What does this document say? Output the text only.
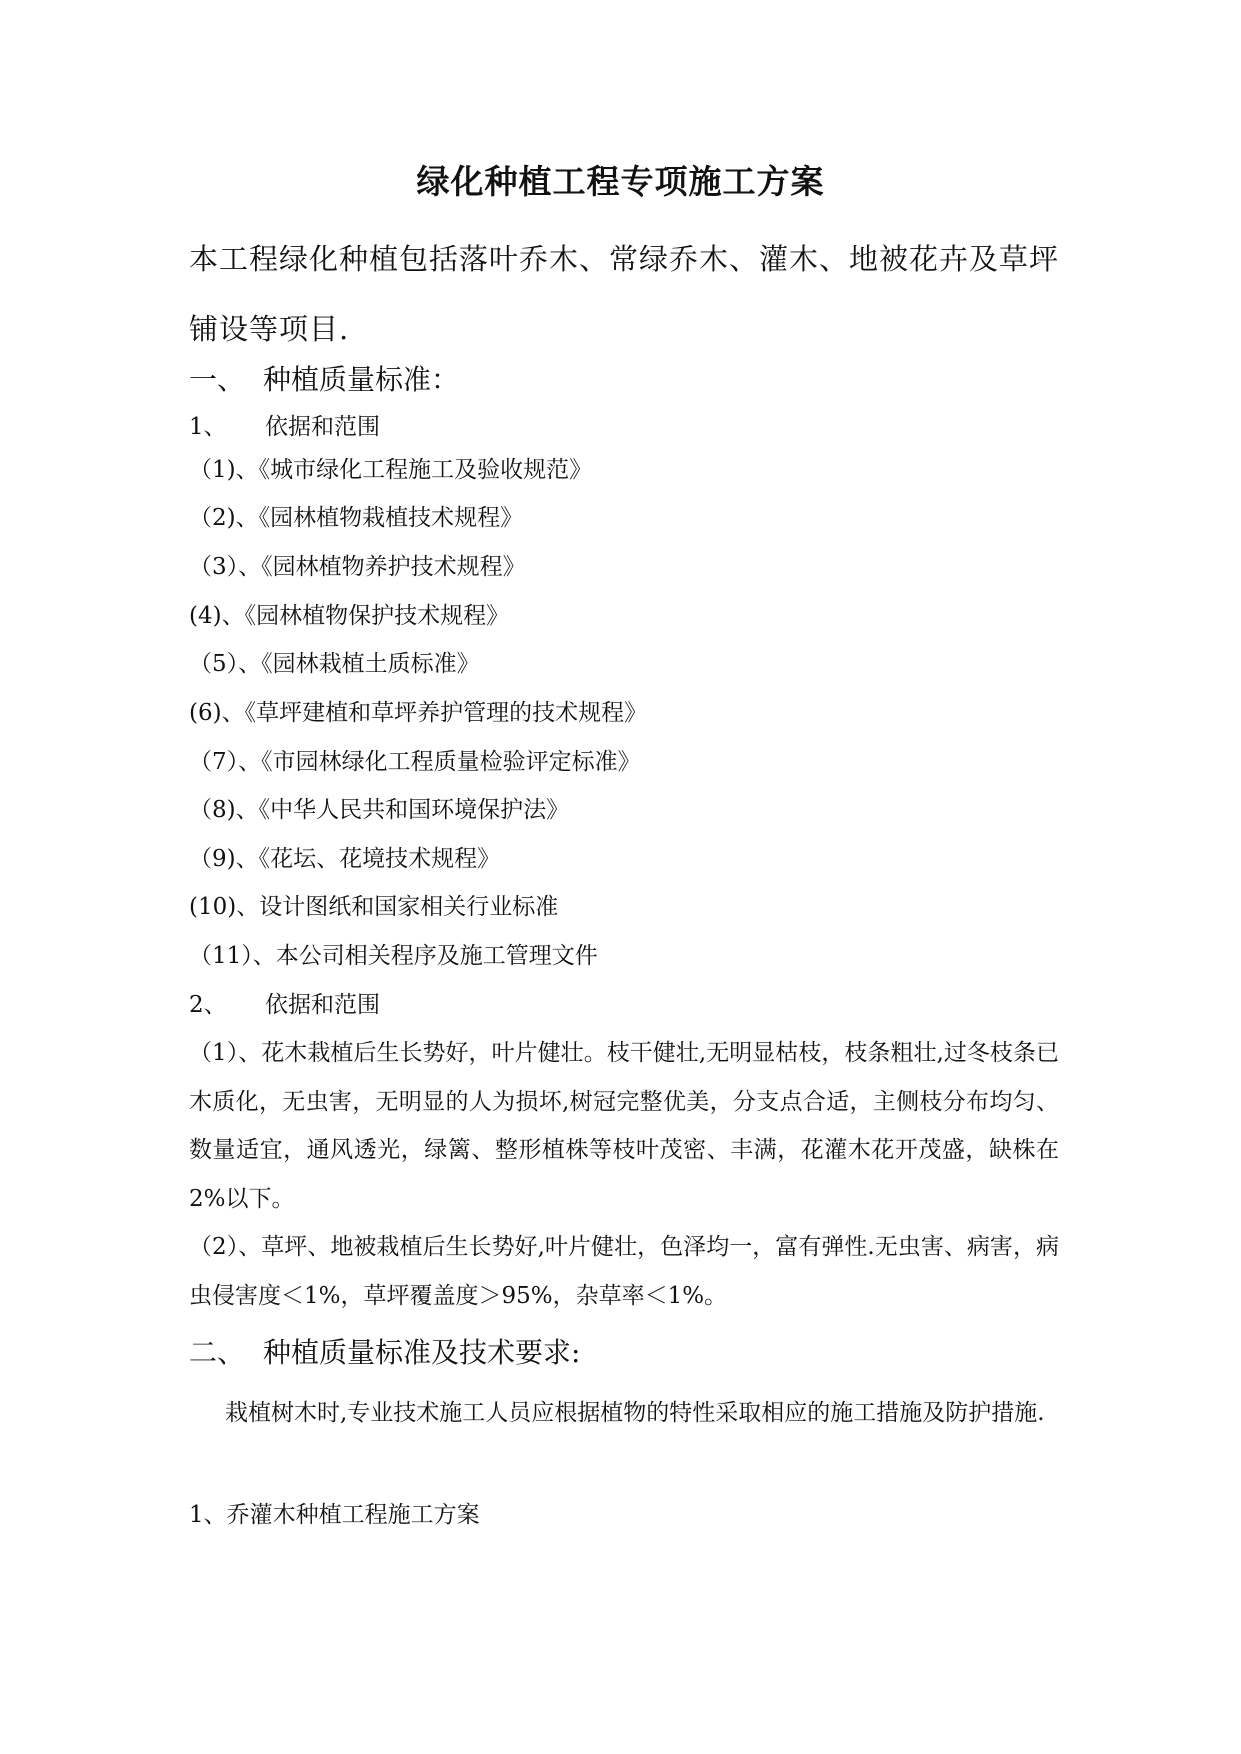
绿化种植工程专项施工方案
本工程绿化种植包括落叶乔木、常绿乔木、灌木、地被花卉及草坪铺设等项目.
一、 种植质量标准：
1、 依据和范围
（1)、《城市绿化工程施工及验收规范》
（2)、《园林植物栽植技术规程》
（3）、《园林植物养护技术规程》
(4)、《园林植物保护技术规程》
（5）、《园林栽植土质标准》
(6)、《草坪建植和草坪养护管理的技术规程》
（7）、《市园林绿化工程质量检验评定标准》
（8)、《中华人民共和国环境保护法》
（9)、《花坛、花境技术规程》
(10)、设计图纸和国家相关行业标准
（11）、本公司相关程序及施工管理文件
2、 依据和范围
（1）、花木栽植后生长势好，叶片健壮。枝干健壮,无明显枯枝，枝条粗壮,过冬枝条已木质化，无虫害，无明显的人为损坏,树冠完整优美，分支点合适，主侧枝分布均匀、数量适宜，通风透光，绿篱、整形植株等枝叶茂密、丰满，花灌木花开茂盛，缺株在2%以下。
（2）、草坪、地被栽植后生长势好,叶片健壮，色泽均一，富有弹性.无虫害、病害，病虫侵害度＜1%，草坪覆盖度＞95%，杂草率＜1%。
二、 种植质量标准及技术要求:
栽植树木时,专业技术施工人员应根据植物的特性采取相应的施工措施及防护措施.
1、乔灌木种植工程施工方案
